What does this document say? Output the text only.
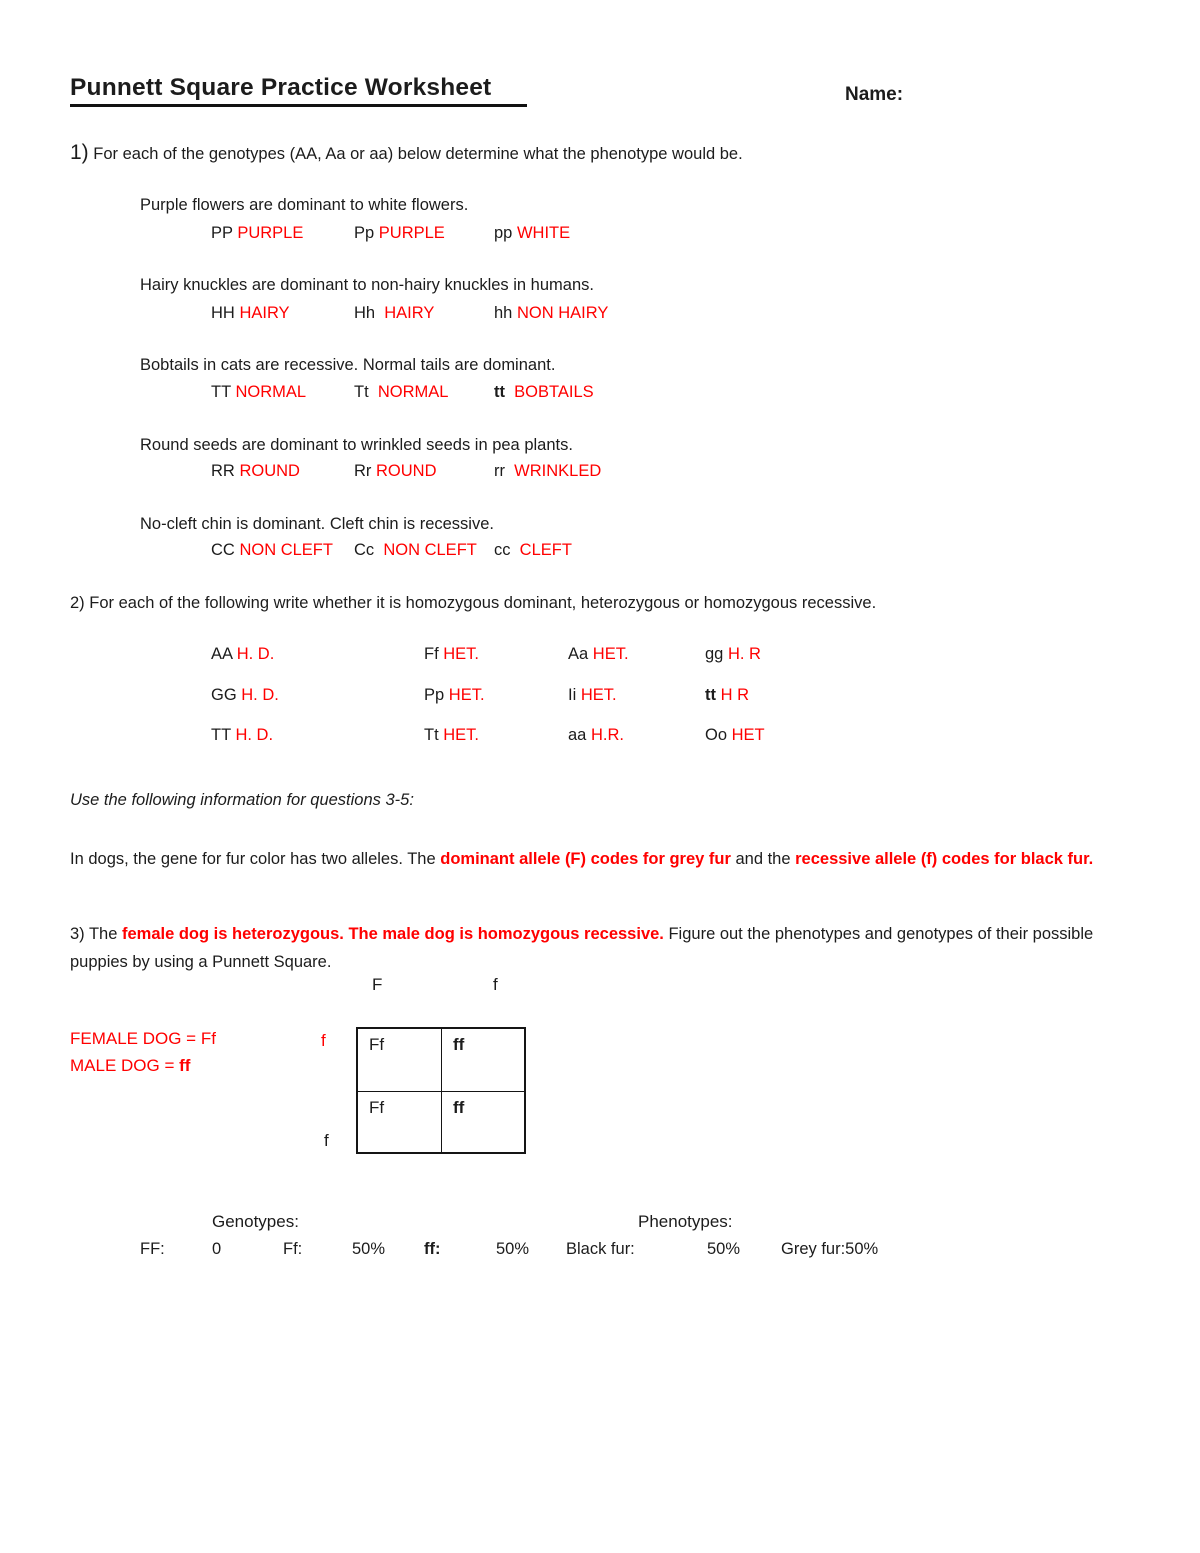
Punnett Square Practice Worksheet	Name:
1) For each of the genotypes (AA, Aa or aa) below determine what the phenotype would be.
Purple flowers are dominant to white flowers.
PP PURPLE	Pp PURPLE	pp WHITE
Hairy knuckles are dominant to non-hairy knuckles in humans.
HH HAIRY	Hh HAIRY	hh NON HAIRY
Bobtails in cats are recessive. Normal tails are dominant.
TT NORMAL	Tt NORMAL	tt BOBTAILS
Round seeds are dominant to wrinkled seeds in pea plants.
RR ROUND	Rr ROUND	rr WRINKLED
No-cleft chin is dominant. Cleft chin is recessive.
CC NON CLEFT Cc NON CLEFT cc CLEFT
2) For each of the following write whether it is homozygous dominant, heterozygous or homozygous recessive.
AA H. D.	Ff HET.	Aa HET.	gg H. R
GG H. D.	Pp HET.	Ii HET.	tt H R
TT H. D.	Tt HET.	aa H.R.	Oo HET
Use the following information for questions 3-5:
In dogs, the gene for fur color has two alleles. The dominant allele (F) codes for grey fur and the recessive allele (f) codes for black fur.
3) The female dog is heterozygous. The male dog is homozygous recessive. Figure out the phenotypes and genotypes of their possible puppies by using a Punnett Square.
F	f
FEMALE DOG = Ff
MALE DOG = ff
f
f
Ff	ff
Ff	ff
Genotypes:	Phenotypes:
FF:	0	Ff:	50% ff:	50% Black fur:	50% Grey fur:50%
